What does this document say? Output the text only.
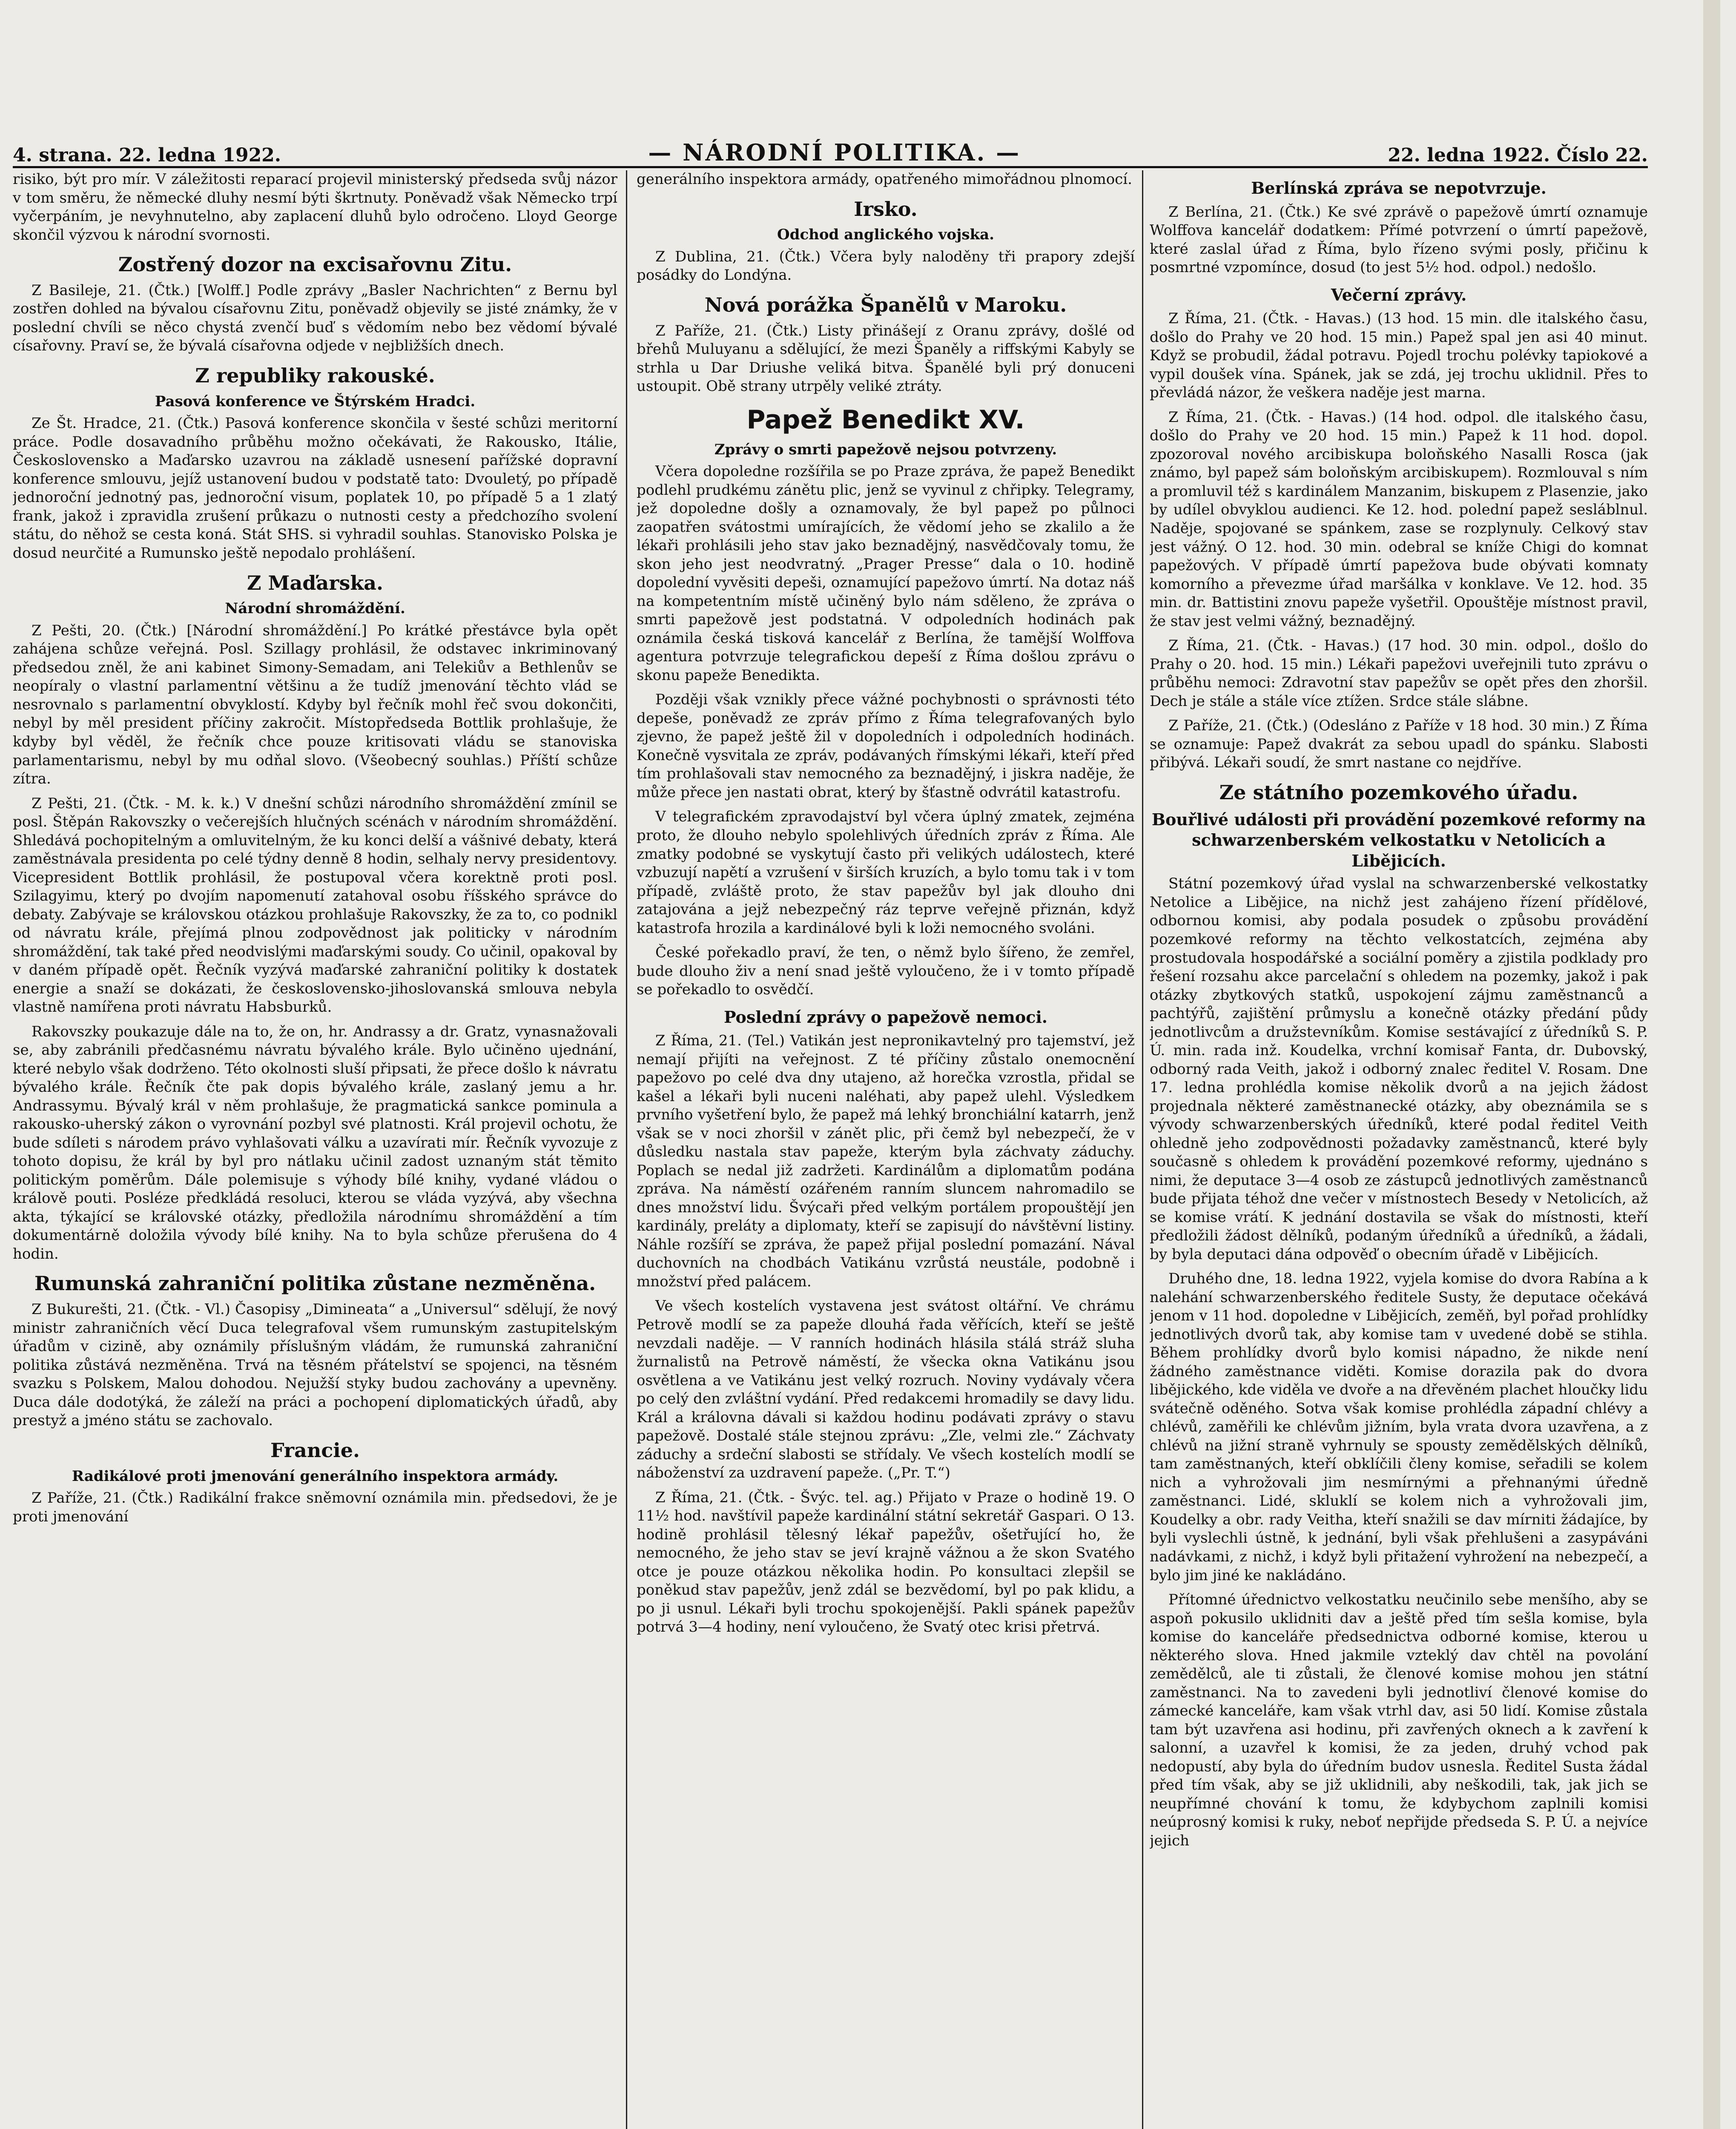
4. strana. 22. ledna 1922.	— NÁRODNÍ POLITIKA. —	22. ledna 1922. Číslo 22.

risiko, být pro mír. V záležitosti reparací projevil ministerský předseda svůj názor v tom směru, že německé dluhy nesmí býti škrtnuty. Poněvadž však Německo trpí vyčerpáním, je nevyhnutelno, aby zaplacení dluhů bylo odročeno. Lloyd George skončil výzvou k národní svornosti.

Zostřený dozor na excisařovnu Zitu.

Z Basileje, 21. (Čtk.) [Wolff.] Podle zprávy „Basler Nachrichten“ z Bernu byl zostřen dohled na bývalou císařovnu Zitu, poněvadž objevily se jisté známky, že v poslední chvíli se něco chystá zvenčí buď s vědomím nebo bez vědomí bývalé císařovny. Praví se, že bývalá císařovna odjede v nejbližších dnech.

Z republiky rakouské.
Pasová konference ve Štýrském Hradci.

Ze Št. Hradce, 21. (Čtk.) Pasová konference skončila v šesté schůzi meritorní práce. Podle dosavadního průběhu možno očekávati, že Rakousko, Itálie, Československo a Maďarsko uzavrou na základě usnesení pařížské dopravní konference smlouvu, jejíž ustanovení budou v podstatě tato: Dvouletý, po případě jednoroční jednotný pas, jednoroční visum, poplatek 10, po případě 5 a 1 zlatý frank, jakož i zpravidla zrušení průkazu o nutnosti cesty a předchozího svolení státu, do něhož se cesta koná. Stát SHS. si vyhradil souhlas. Stanovisko Polska je dosud neurčité a Rumunsko ještě nepodalo prohlášení.

Z Maďarska.
Národní shromáždění.

Z Pešti, 20. (Čtk.) [Národní shromáždění.] Po krátké přestávce byla opět zahájena schůze veřejná. Posl. Szillagy prohlásil, že odstavec inkriminovaný předsedou zněl, že ani kabinet Simony-Semadam, ani Telekiův a Bethlenův se neopíraly o vlastní parlamentní většinu a že tudíž jmenování těchto vlád se nesrovnalo s parlamentní obvyklostí. Kdyby byl řečník mohl řeč svou dokončiti, nebyl by měl president příčiny zakročit. Místopředseda Bottlik prohlašuje, že kdyby byl věděl, že řečník chce pouze kritisovati vládu se stanoviska parlamentarismu, nebyl by mu odňal slovo. (Všeobecný souhlas.) Příští schůze zítra.

Z Pešti, 21. (Čtk. - M. k. k.) V dnešní schůzi národního shromáždění zmínil se posl. Štěpán Rakovszky o večerejších hlučných scénách v národním shromáždění. Shledává pochopitelným a omluvitelným, že ku konci delší a vášnivé debaty, která zaměstnávala presidenta po celé týdny denně 8 hodin, selhaly nervy presidentovy. Vicepresident Bottlik prohlásil, že postupoval včera korektně proti posl. Szilagyimu, který po dvojím napomenutí zatahoval osobu říšského správce do debaty. Zabývaje se královskou otázkou prohlašuje Rakovszky, že za to, co podnikl od návratu krále, přejímá plnou zodpovědnost jak politicky v národním shromáždění, tak také před neodvislými maďarskými soudy. Co učinil, opakoval by v daném případě opět. Řečník vyzývá maďarské zahraniční politiky k dostatek energie a snaží se dokázati, že československo-jihoslovanská smlouva nebyla vlastně namířena proti návratu Habsburků.

Rakovszky poukazuje dále na to, že on, hr. Andrassy a dr. Gratz, vynasnažovali se, aby zabránili předčasnému návratu bývalého krále. Bylo učiněno ujednání, které nebylo však dodrženo. Této okolnosti sluší připsati, že přece došlo k návratu bývalého krále. Řečník čte pak dopis bývalého krále, zaslaný jemu a hr. Andrassymu. Bývalý král v něm prohlašuje, že pragmatická sankce pominula a rakousko-uherský zákon o vyrovnání pozbyl své platnosti. Král projevil ochotu, že bude sdíleti s národem právo vyhlašovati válku a uzavírati mír. Řečník vyvozuje z tohoto dopisu, že král by byl pro nátlaku učinil zadost uznaným stát těmito politickým poměrům. Dále polemisuje s výhody bílé knihy, vydané vládou o králově pouti. Posléze předkládá resoluci, kterou se vláda vyzývá, aby všechna akta, týkající se královské otázky, předložila národnímu shromáždění a tím dokumentárně doložila vývody bílé knihy. Na to byla schůze přerušena do 4 hodin.

Rumunská zahraniční politika zůstane nezměněna.

Z Bukurešti, 21. (Čtk. - Vl.) Časopisy „Dimineata“ a „Universul“ sdělují, že nový ministr zahraničních věcí Duca telegrafoval všem rumunským zastupitelským úřadům v cizině, aby oznámily příslušným vládám, že rumunská zahraniční politika zůstává nezměněna. Trvá na těsném přátelství se spojenci, na těsném svazku s Polskem, Malou dohodou. Nejužší styky budou zachovány a upevněny. Duca dále dodotýká, že záleží na práci a pochopení diplomatických úřadů, aby prestyž a jméno státu se zachovalo.

Francie.
Radikálové proti jmenování generálního inspektora armády.

Z Paříže, 21. (Čtk.) Radikální frakce sněmovní oznámila min. předsedovi, že je proti jmenování

generálního inspektora armády, opatřeného mimořádnou plnomocí.

Irsko.
Odchod anglického vojska.

Z Dublina, 21. (Čtk.) Včera byly naloděny tři prapory zdejší posádky do Londýna.

Nová porážka Španělů v Maroku.

Z Paříže, 21. (Čtk.) Listy přinášejí z Oranu zprávy, došlé od břehů Muluyanu a sdělující, že mezi Španěly a riffskými Kabyly se strhla u Dar Driushe veliká bitva. Španělé byli prý donuceni ustoupit. Obě strany utrpěly veliké ztráty.

Papež Benedikt XV.
Zprávy o smrti papežově nejsou potvrzeny.

Včera dopoledne rozšířila se po Praze zpráva, že papež Benedikt podlehl prudkému zánětu plic, jenž se vyvinul z chřipky. Telegramy, jež dopoledne došly a oznamovaly, že byl papež po půlnoci zaopatřen svátostmi umírajících, že vědomí jeho se zkalilo a že lékaři prohlásili jeho stav jako beznadějný, nasvědčovaly tomu, že skon jeho jest neodvratný. „Prager Presse“ dala o 10. hodině dopolední vyvěsiti depeši, oznamující papežovo úmrtí. Na dotaz náš na kompetentním místě učiněný bylo nám sděleno, že zpráva o smrti papežově jest podstatná. V odpoledních hodinách pak oznámila česká tisková kancelář z Berlína, že tamější Wolffova agentura potvrzuje telegrafickou depeší z Říma došlou zprávu o skonu papeže Benedikta.

Později však vznikly přece vážné pochybnosti o správnosti této depeše, poněvadž ze zpráv přímo z Říma telegrafovaných bylo zjevno, že papež ještě žil v dopoledních i odpoledních hodinách. Konečně vysvitala ze zpráv, podávaných římskými lékaři, kteří před tím prohlašovali stav nemocného za beznadějný, i jiskra naděje, že může přece jen nastati obrat, který by šťastně odvrátil katastrofu.

V telegrafickém zpravodajství byl včera úplný zmatek, zejména proto, že dlouho nebylo spolehlivých úředních zpráv z Říma. Ale zmatky podobné se vyskytují často při velikých událostech, které vzbuzují napětí a vzrušení v širších kruzích, a bylo tomu tak i v tom případě, zvláště proto, že stav papežův byl jak dlouho dni zatajována a jejž nebezpečný ráz teprve veřejně přiznán, když katastrofa hrozila a kardinálové byli k loži nemocného svoláni.

České pořekadlo praví, že ten, o němž bylo šířeno, že zemřel, bude dlouho živ a není snad ještě vyloučeno, že i v tomto případě se pořekadlo to osvědčí.

Poslední zprávy o papežově nemoci.

Z Říma, 21. (Tel.) Vatikán jest nepronikavtelný pro tajemství, jež nemají přijíti na veřejnost. Z té příčiny zůstalo onemocnění papežovo po celé dva dny utajeno, až horečka vzrostla, přidal se kašel a lékaři byli nuceni naléhati, aby papež ulehl. Výsledkem prvního vyšetření bylo, že papež má lehký bronchiální katarrh, jenž však se v noci zhoršil v zánět plic, při čemž byl nebezpečí, že v důsledku nastala stav papeže, kterým byla záchvaty záduchy. Poplach se nedal již zadržeti. Kardinálům a diplomatům podána zpráva. Na náměstí ozářeném ranním sluncem nahromadilo se dnes množství lidu. Švýcaři před velkým portálem propouštějí jen kardinály, preláty a diplomaty, kteří se zapisují do návštěvní listiny. Náhle rozšíří se zpráva, že papež přijal poslední pomazání. Nával duchovních na chodbách Vatikánu vzrůstá neustále, podobně i množství před palácem.

Ve všech kostelích vystavena jest svátost oltářní. Ve chrámu Petrově modlí se za papeže dlouhá řada věřících, kteří se ještě nevzdali naděje. — V ranních hodinách hlásila stálá stráž sluha žurnalistů na Petrově náměstí, že všecka okna Vatikánu jsou osvětlena a ve Vatikánu jest velký rozruch. Noviny vydávaly včera po celý den zvláštní vydání. Před redakcemi hromadily se davy lidu. Král a královna dávali si každou hodinu podávati zprávy o stavu papežově. Dostalé stále stejnou zprávu: „Zle, velmi zle.“ Záchvaty záduchy a srdeční slabosti se střídaly. Ve všech kostelích modlí se náboženství za uzdravení papeže. („Pr. T.“)

Z Říma, 21. (Čtk. - Švýc. tel. ag.) Přijato v Praze o hodině 19. O 11½ hod. navštívil papeže kardinální státní sekretář Gaspari. O 13. hodině prohlásil tělesný lékař papežův, ošetřující ho, že nemocného, že jeho stav se jeví krajně vážnou a že skon Svatého otce je pouze otázkou několika hodin. Po konsultaci zlepšil se poněkud stav papežův, jenž zdál se bezvědomí, byl po pak klidu, a po ji usnul. Lékaři byli trochu spokojenější. Pakli spánek papežův potrvá 3—4 hodiny, není vyloučeno, že Svatý otec krisi přetrvá.

Berlínská zpráva se nepotvrzuje.

Z Berlína, 21. (Čtk.) Ke své zprávě o papežově úmrtí oznamuje Wolffova kancelář dodatkem: Přímé potvrzení o úmrtí papežově, které zaslal úřad z Říma, bylo řízeno svými posly, přičinu k posmrtné vzpomínce, dosud (to jest 5½ hod. odpol.) nedošlo.

Večerní zprávy.

Z Říma, 21. (Čtk. - Havas.) (13 hod. 15 min. dle italského času, došlo do Prahy ve 20 hod. 15 min.) Papež spal jen asi 40 minut. Když se probudil, žádal potravu. Pojedl trochu polévky tapiokové a vypil doušek vína. Spánek, jak se zdá, jej trochu uklidnil. Přes to převládá názor, že veškera naděje jest marna.

Z Říma, 21. (Čtk. - Havas.) (14 hod. odpol. dle italského času, došlo do Prahy ve 20 hod. 15 min.) Papež k 11 hod. dopol. zpozoroval nového arcibiskupa boloňského Nasalli Rosca (jak známo, byl papež sám boloňským arcibiskupem). Rozmlouval s ním a promluvil též s kardinálem Manzanim, biskupem z Plasenzie, jako by udílel obvyklou audienci. Ke 12. hod. polední papež sesláblnul. Naděje, spojované se spánkem, zase se rozplynuly. Celkový stav jest vážný. O 12. hod. 30 min. odebral se kníže Chigi do komnat papežových. V případě úmrtí papežova bude obývati komnaty komorního a převezme úřad maršálka v konklave. Ve 12. hod. 35 min. dr. Battistini znovu papeže vyšetřil. Opouštěje místnost pravil, že stav jest velmi vážný, beznadějný.

Z Říma, 21. (Čtk. - Havas.) (17 hod. 30 min. odpol., došlo do Prahy o 20. hod. 15 min.) Lékaři papežovi uveřejnili tuto zprávu o průběhu nemoci: Zdravotní stav papežův se opět přes den zhoršil. Dech je stále a stále více ztížen. Srdce stále slábne.

Z Paříže, 21. (Čtk.) (Odesláno z Paříže v 18 hod. 30 min.) Z Říma se oznamuje: Papež dvakrát za sebou upadl do spánku. Slabosti přibývá. Lékaři soudí, že smrt nastane co nejdříve.

Ze státního pozemkového úřadu.
Bouřlivé události při provádění pozemkové reformy na schwarzenberském velkostatku v Netolicích a Libějicích.

Státní pozemkový úřad vyslal na schwarzenberské velkostatky Netolice a Libějice, na nichž jest zahájeno řízení přídělové, odbornou komisi, aby podala posudek o způsobu provádění pozemkové reformy na těchto velkostatcích, zejména aby prostudovala hospodářské a sociální poměry a zjistila podklady pro řešení rozsahu akce parcelační s ohledem na pozemky, jakož i pak otázky zbytkových statků, uspokojení zájmu zaměstnanců a pachtýřů, zajištění průmyslu a konečně otázky předání půdy jednotlivcům a družstevníkům. Komise sestávající z úředníků S. P. Ú. min. rada inž. Koudelka, vrchní komisař Fanta, dr. Dubovský, odborný rada Veith, jakož i odborný znalec ředitel V. Rosam. Dne 17. ledna prohlédla komise několik dvorů a na jejich žádost projednala některé zaměstnanecké otázky, aby obeznámila se s vývody schwarzenberských úředníků, které podal ředitel Veith ohledně jeho zodpovědnosti požadavky zaměstnanců, které byly současně s ohledem k provádění pozemkové reformy, ujednáno s nimi, že deputace 3—4 osob ze zástupců jednotlivých zaměstnanců bude přijata téhož dne večer v místnostech Besedy v Netolicích, až se komise vrátí. K jednání dostavila se však do místnosti, kteří předložili žádost dělníků, podaným úředníků a úředníků, a žádali, by byla deputaci dána odpověď o obecním úřadě v Libějicích.

Druhého dne, 18. ledna 1922, vyjela komise do dvora Rabína a k nalehání schwarzenberského ředitele Susty, že deputace očekává jenom v 11 hod. dopoledne v Libějicích, zeměň, byl pořad prohlídky jednotlivých dvorů tak, aby komise tam v uvedené době se stihla. Během prohlídky dvorů bylo komisi nápadno, že nikde není žádného zaměstnance viděti. Komise dorazila pak do dvora libějického, kde viděla ve dvoře a na dřevěném plachet hloučky lidu svátečně oděného. Sotva však komise prohlédla západní chlévy a chlévů, zaměřili ke chlévům jižním, byla vrata dvora uzavřena, a z chlévů na jižní straně vyhrnuly se spousty zemědělských dělníků, tam zaměstnaných, kteří obklíčili členy komise, seřadili se kolem nich a vyhrožovali jim nesmírnými a přehnanými úředně zaměstnanci. Lidé, skluklí se kolem nich a vyhrožovali jim, Koudelky a obr. rady Veitha, kteří snažili se dav mírniti žádajíce, by byli vyslechli ústně, k jednání, byli však přehlušeni a zasypáváni nadávkami, z nichž, i když byli přitažení vyhrožení na nebezpečí, a bylo jim jiné ke nakládáno.

Přítomné úřednictvo velkostatku neučinilo sebe menšího, aby se aspoň pokusilo uklidniti dav a ještě před tím sešla komise, byla komise do kanceláře předsednictva odborné komise, kterou u některého slova. Hned jakmile vzteklý dav chtěl na povolání zemědělců, ale ti zůstali, že členové komise mohou jen státní zaměstnanci. Na to zavedeni byli jednotliví členové komise do zámecké kanceláře, kam však vtrhl dav, asi 50 lidí. Komise zůstala tam být uzavřena asi hodinu, při zavřených oknech a k zavření k salonní, a uzavřel k komisi, že za jeden, druhý vchod pak nedopustí, aby byla do úředním budov usnesla. Ředitel Susta žádal před tím však, aby se již uklidnili, aby neškodili, tak, jak jich se neupřímné chování k tomu, že kdybychom zaplnili komisi neúprosný komisi k ruky, neboť nepřijde předseda S. P. Ú. a nejvíce jejich
